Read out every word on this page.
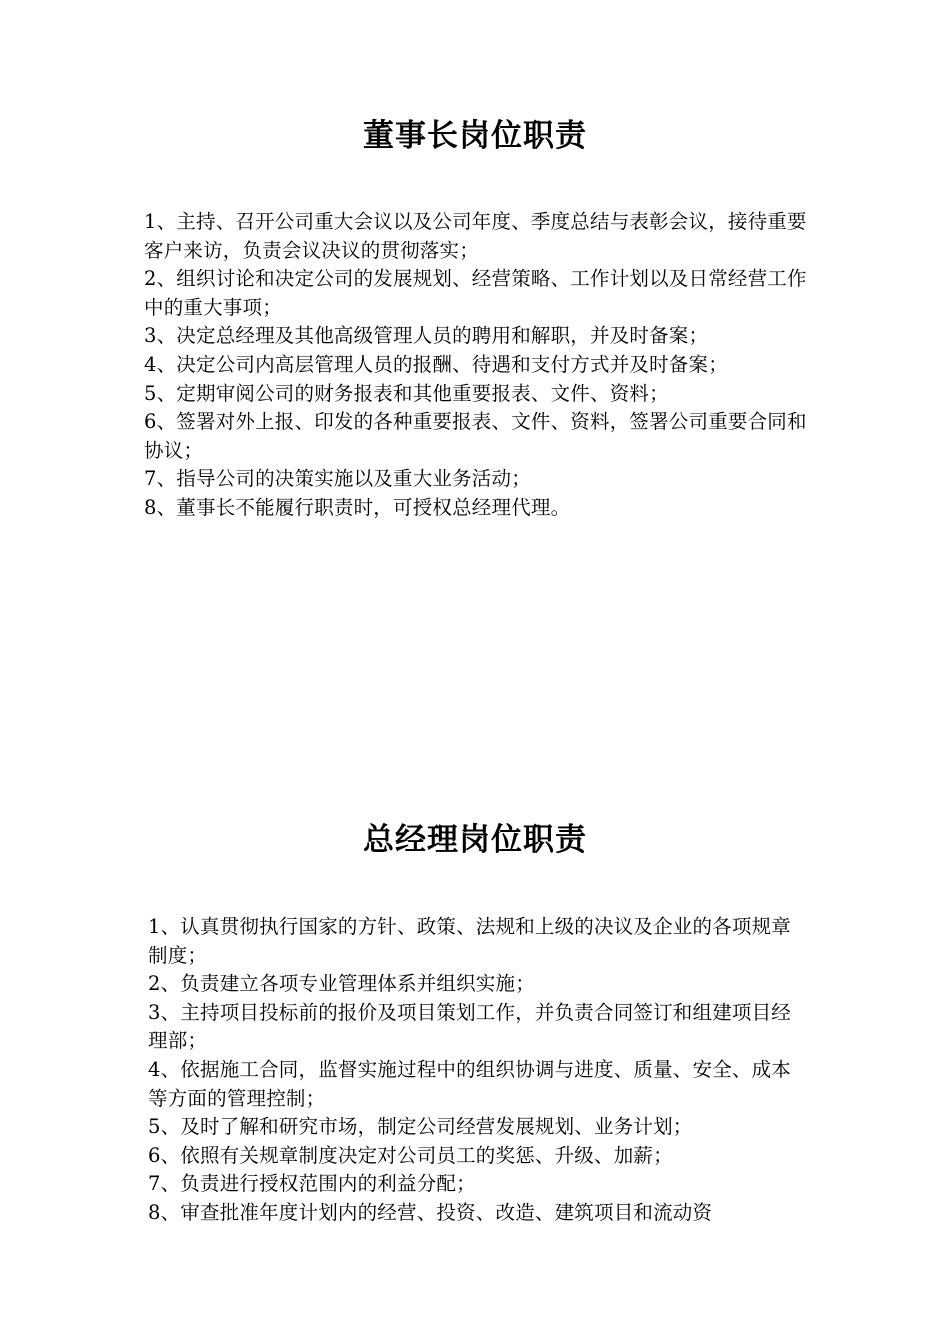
董事长岗位职责
1、主持、召开公司重大会议以及公司年度、季度总结与表彰会议，接待重要客户来访，负责会议决议的贯彻落实；
2、组织讨论和决定公司的发展规划、经营策略、工作计划以及日常经营工作中的重大事项；
3、决定总经理及其他高级管理人员的聘用和解职，并及时备案；
4、决定公司内高层管理人员的报酬、待遇和支付方式并及时备案；
5、定期审阅公司的财务报表和其他重要报表、文件、资料；
6、签署对外上报、印发的各种重要报表、文件、资料，签署公司重要合同和协议；
7、指导公司的决策实施以及重大业务活动；
8、董事长不能履行职责时，可授权总经理代理。
总经理岗位职责
1、认真贯彻执行国家的方针、政策、法规和上级的决议及企业的各项规章制度；
2、负责建立各项专业管理体系并组织实施；
3、主持项目投标前的报价及项目策划工作，并负责合同签订和组建项目经理部；
4、依据施工合同，监督实施过程中的组织协调与进度、质量、安全、成本等方面的管理控制；
5、及时了解和研究市场，制定公司经营发展规划、业务计划；
6、依照有关规章制度决定对公司员工的奖惩、升级、加薪；
7、负责进行授权范围内的利益分配；
8、审查批准年度计划内的经营、投资、改造、建筑项目和流动资
